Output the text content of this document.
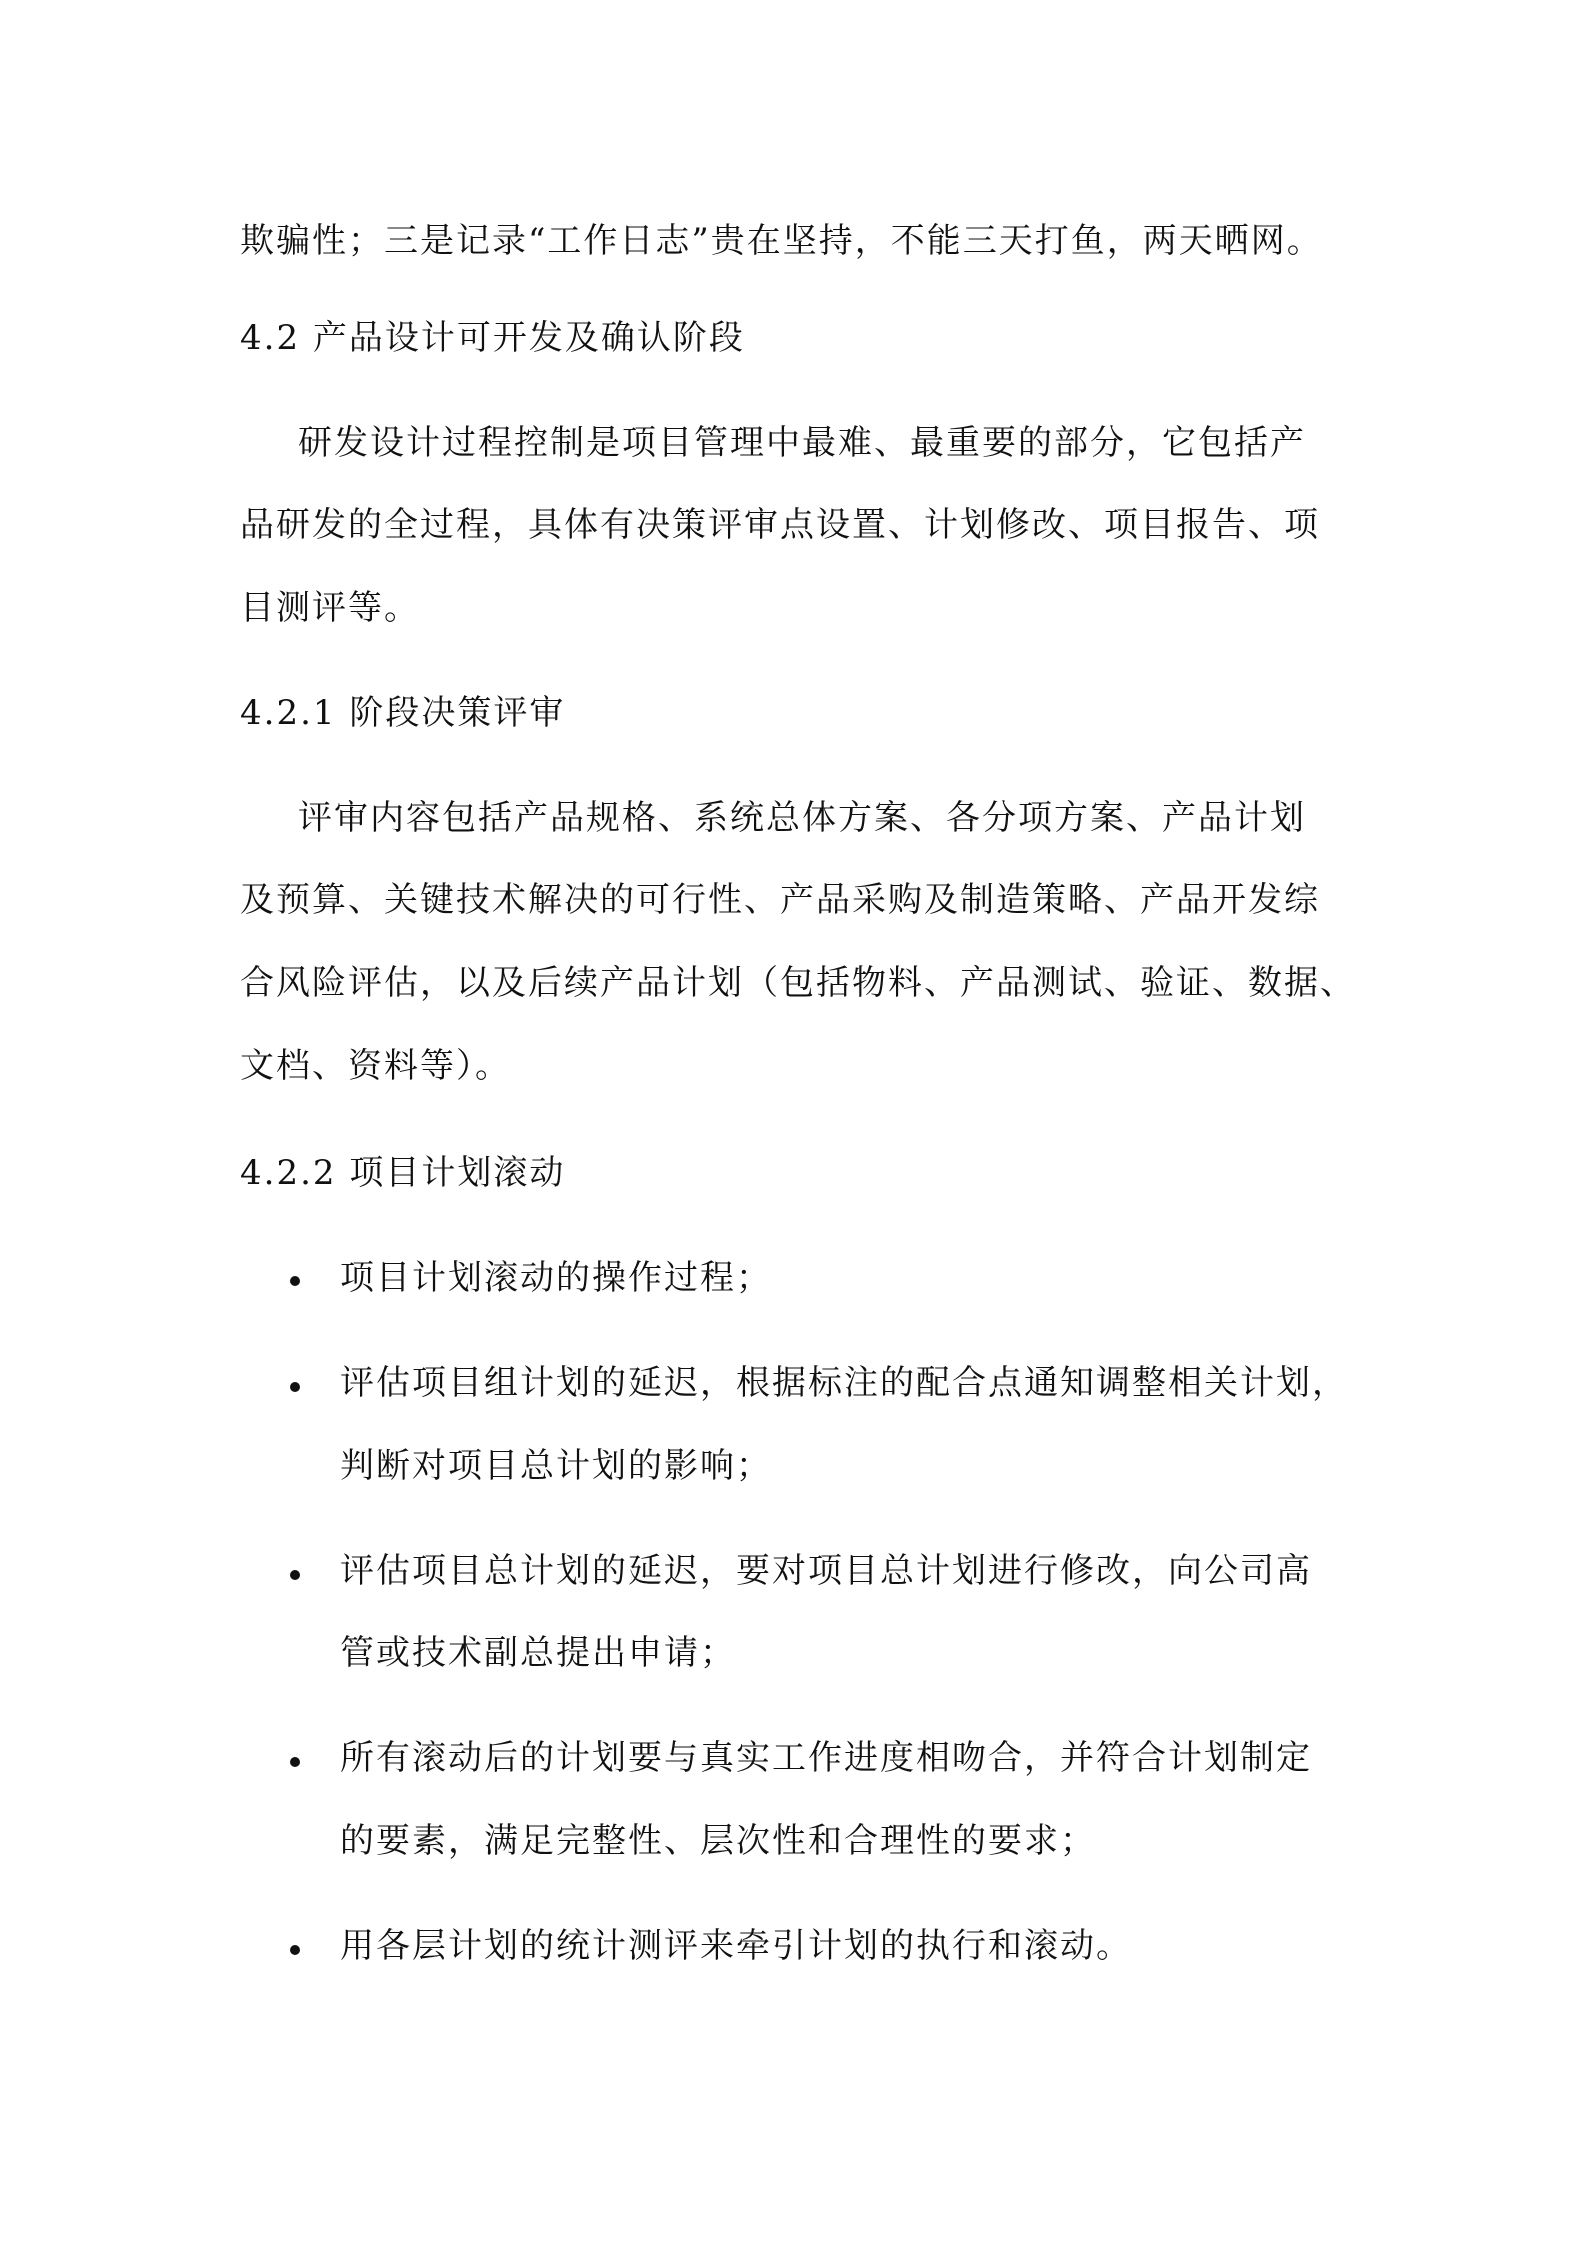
欺骗性；三是记录“工作日志”贵在坚持，不能三天打鱼，两天晒网。
4.2 产品设计可开发及确认阶段
研发设计过程控制是项目管理中最难、最重要的部分，它包括产
品研发的全过程，具体有决策评审点设置、计划修改、项目报告、项
目测评等。
4.2.1 阶段决策评审
评审内容包括产品规格、系统总体方案、各分项方案、产品计划
及预算、关键技术解决的可行性、产品采购及制造策略、产品开发综
合风险评估，以及后续产品计划（包括物料、产品测试、验证、数据、
文档、资料等）。
4.2.2 项目计划滚动
项目计划滚动的操作过程；
评估项目组计划的延迟，根据标注的配合点通知调整相关计划，
判断对项目总计划的影响；
评估项目总计划的延迟，要对项目总计划进行修改，向公司高
管或技术副总提出申请；
所有滚动后的计划要与真实工作进度相吻合，并符合计划制定
的要素，满足完整性、层次性和合理性的要求；
用各层计划的统计测评来牵引计划的执行和滚动。
